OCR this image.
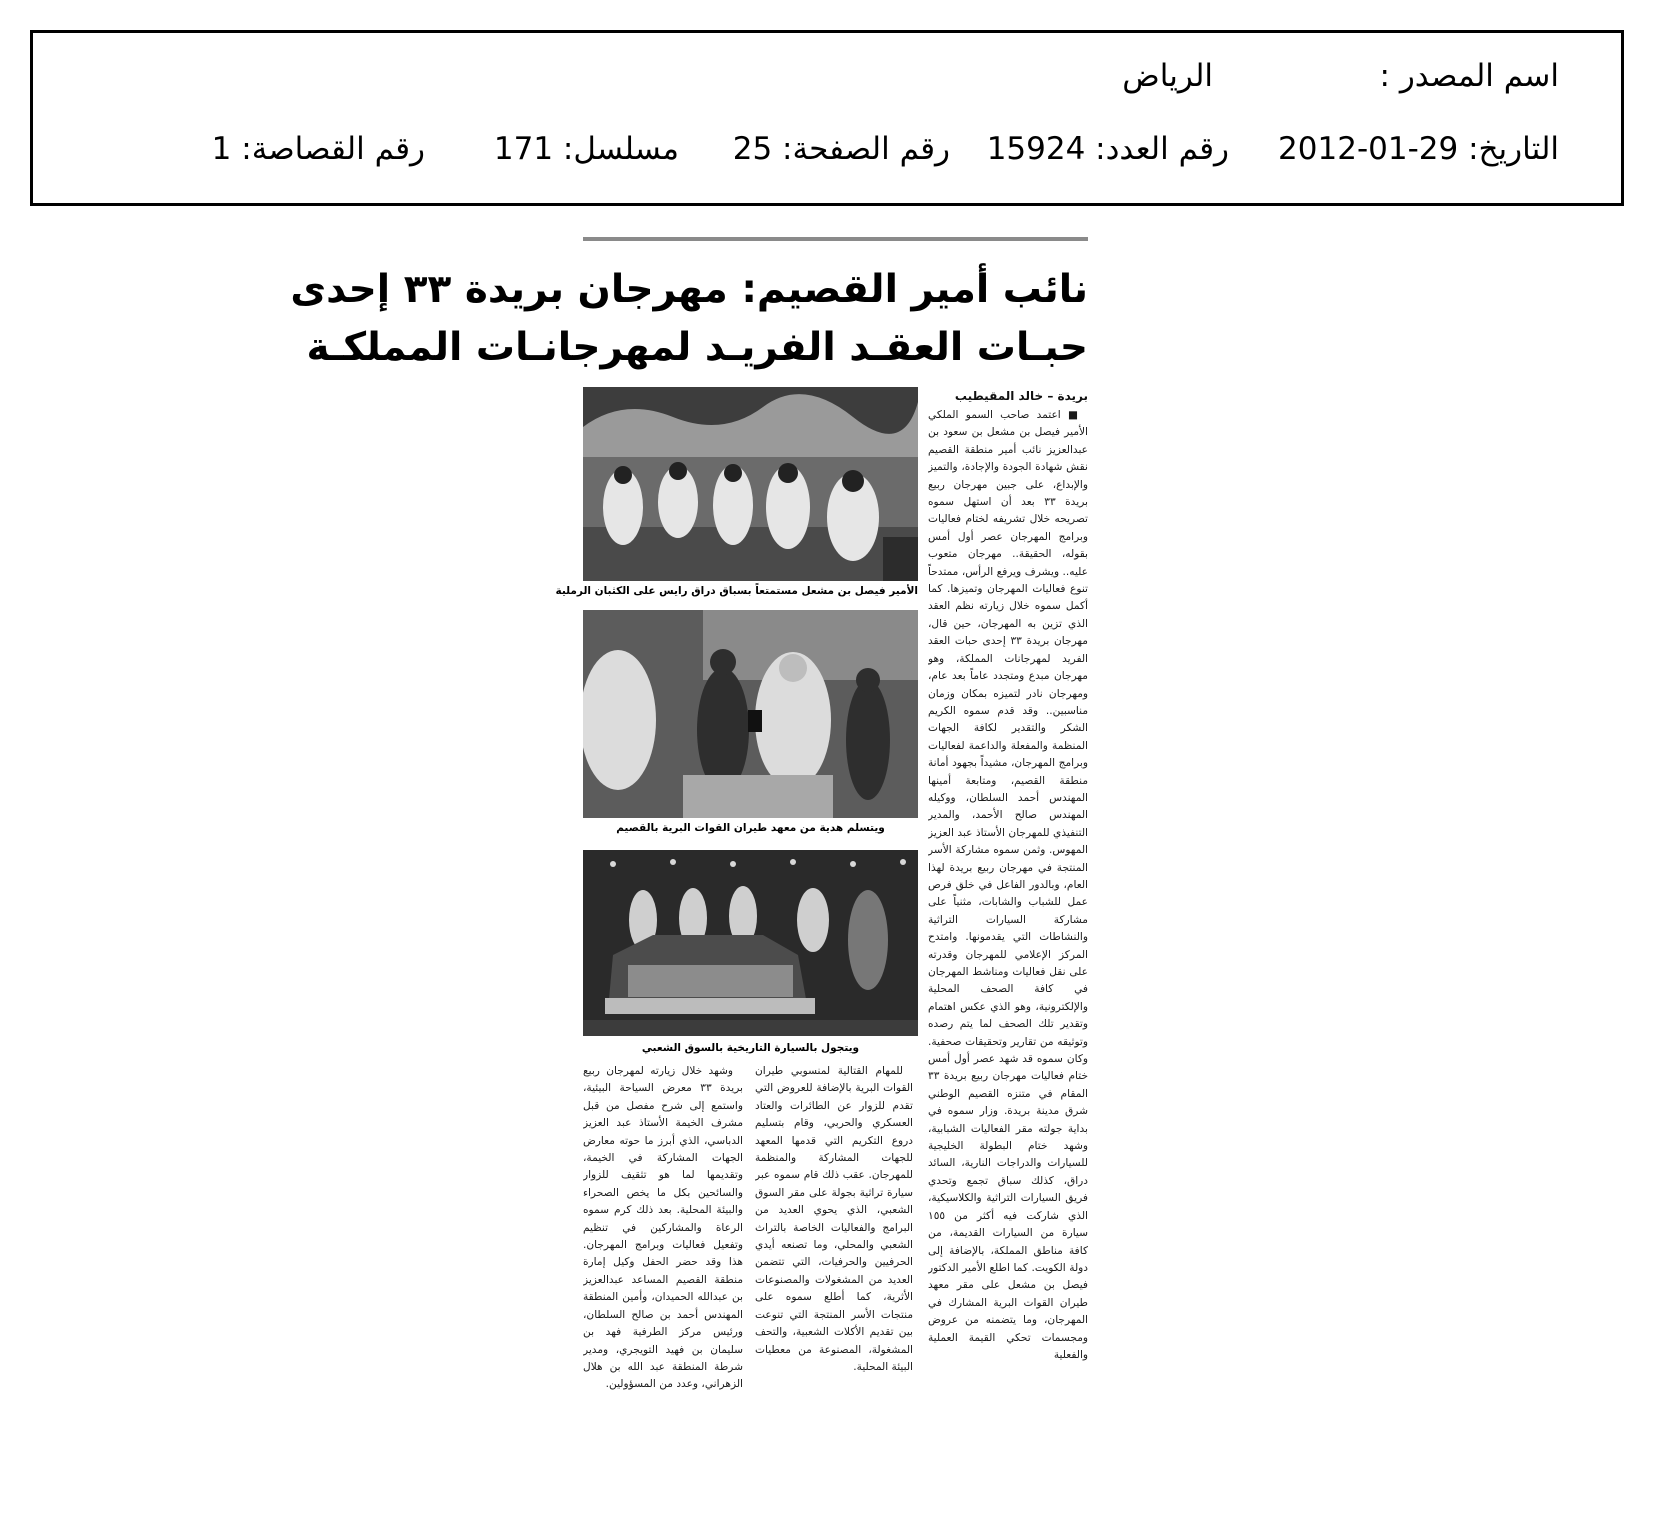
اسم المصدر :
الرياض
التاريخ: 29-01-2012
رقم العدد: 15924
رقم الصفحة: 25
مسلسل: 171
رقم القصاصة: 1
نائب أمير القصيم: مهرجان بريدة ٣٣ إحدى
حبـات العقـد الفريـد لمهرجانـات المملكـة
بريدة – خالد المقيطيب

■ اعتمد صاحب السمو الملكي الأمير فيصل بن مشعل بن سعود بن عبدالعزيز نائب أمير منطقة القصيم نقش شهادة الجودة والإجادة، والتميز والإبداع، على جبين مهرجان ربيع بريدة ٣٣ بعد أن استهل سموه تصريحه خلال تشريفه لختام فعاليات وبرامج المهرجان عصر أول أمس بقوله، الحقيقة.. مهرجان متعوب عليه.. ويشرف ويرفع الرأس، ممتدحاً تنوع فعاليات المهرجان وتميزها. كما أكمل سموه خلال زيارته نظم العقد الذي تزين به المهرجان، حين قال، مهرجان بريدة ٣٣ إحدى حبات العقد الفريد لمهرجانات المملكة، وهو مهرجان مبدع ومتجدد عاماً بعد عام، ومهرجان نادر لتميزه بمكان وزمان مناسبين.. وقد قدم سموه الكريم الشكر والتقدير لكافة الجهات المنظمة والمفعلة والداعمة لفعاليات وبرامج المهرجان، مشيداً بجهود أمانة منطقة القصيم، ومتابعة أمينها المهندس أحمد السلطان، ووكيله المهندس صالح الأحمد، والمدير التنفيذي للمهرجان الأستاذ عبد العزيز المهوس. وثمن سموه مشاركة الأسر المنتجة في مهرجان ربيع بريدة لهذا العام، وبالدور الفاعل في خلق فرص عمل للشباب والشابات، مثنياً على مشاركة السيارات التراثية والنشاطات التي يقدمونها. وامتدح المركز الإعلامي للمهرجان وقدرته على نقل فعاليات ومناشط المهرجان في كافة الصحف المحلية والإلكترونية، وهو الذي عكس اهتمام وتقدير تلك الصحف لما يتم رصده وتوثيقه من تقارير وتحقيقات صحفية. وكان سموه قد شهد عصر أول أمس ختام فعاليات مهرجان ربيع بريدة ٣٣ المقام في متنزه القصيم الوطني شرق مدينة بريدة. وزار سموه في بداية جولته مقر الفعاليات الشبابية، وشهد ختام البطولة الخليجية للسيارات والدراجات النارية، السائد دراق، كذلك سباق تجمع وتحدي فريق السيارات التراثية والكلاسيكية، الذي شاركت فيه أكثر من ١٥٥ سيارة من السيارات القديمة، من كافة مناطق المملكة، بالإضافة إلى دولة الكويت. كما اطلع الأمير الدكتور فيصل بن مشعل على مقر معهد طيران القوات البرية المشارك في المهرجان، وما يتضمنه من عروض ومجسمات تحكي القيمة العملية والفعلية

الأمير فيصل بن مشعل مستمتعاً بسباق دراق رايس على الكثبان الرملية
ويتسلم هدية من معهد طيران القوات البرية بالقصيم
ويتجول بالسيارة التاريخية بالسوق الشعبي

للمهام القتالية لمنسوبي طيران القوات البرية بالإضافة للعروض التي تقدم للزوار عن الطائرات والعتاد العسكري والحربي، وقام بتسليم دروع التكريم التي قدمها المعهد للجهات المشاركة والمنظمة للمهرجان. عقب ذلك قام سموه عبر سيارة تراثية بجولة على مقر السوق الشعبي، الذي يحوي العديد من البرامج والفعاليات الخاصة بالتراث الشعبي والمحلي، وما تصنعه أيدي الحرفيين والحرفيات، التي تتضمن العديد من المشغولات والمصنوعات الأثرية، كما أطلع سموه على منتجات الأسر المنتجة التي تنوعت بين تقديم الأكلات الشعبية، والتحف المشغولة، المصنوعة من معطيات البيئة المحلية.

وشهد خلال زيارته لمهرجان ربيع بريدة ٣٣ معرض السياحة البيئية، واستمع إلى شرح مفصل من قبل مشرف الخيمة الأستاذ عبد العزيز الدباسي، الذي أبرز ما حوته معارض الجهات المشاركة في الخيمة، وتقديمها لما هو تثقيف للزوار والسائحين بكل ما يخص الصحراء والبيئة المحلية. بعد ذلك كرم سموه الرعاة والمشاركين في تنظيم وتفعيل فعاليات وبرامج المهرجان. هذا وقد حضر الحفل وكيل إمارة منطقة القصيم المساعد عبدالعزيز بن عبدالله الحميدان، وأمين المنطقة المهندس أحمد بن صالح السلطان، ورئيس مركز الطرفية فهد بن سليمان بن فهيد التويجري، ومدير شرطة المنطقة عبد الله بن هلال الزهراني، وعدد من المسؤولين.
